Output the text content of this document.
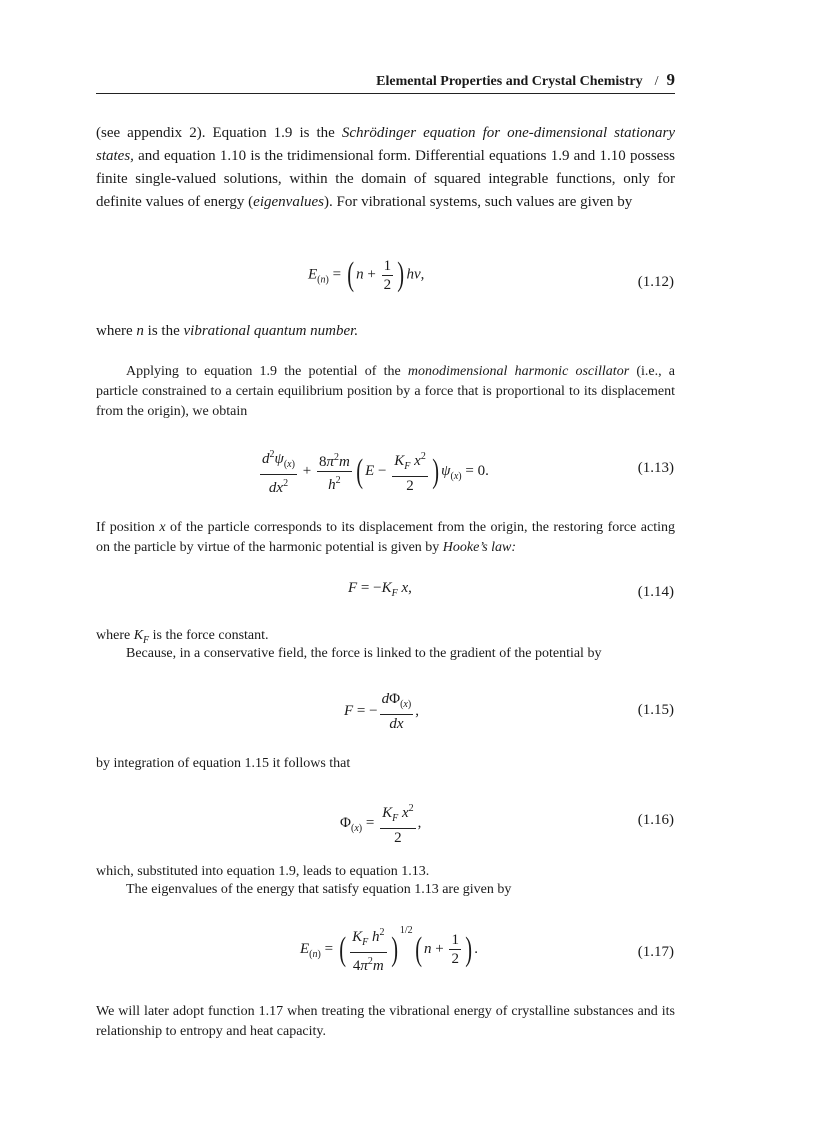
Elemental Properties and Crystal Chemistry / 9

(see appendix 2). Equation 1.9 is the Schrödinger equation for one-dimensional stationary states, and equation 1.10 is the tridimensional form. Differential equations 1.9 and 1.10 possess finite single-valued solutions, within the domain of squared integrable functions, only for definite values of energy (eigenvalues). For vibrational systems, such values are given by

$E_{(n)}$ = ( $n + \frac{1}{2}$ ) hν,	(1.12)

where n is the vibrational quantum number.

Applying to equation 1.9 the potential of the monodimensional harmonic oscillator (i.e., a particle constrained to a certain equilibrium position by a force that is proportional to its displacement from the origin), we obtain

$\frac{d^2\psi_{(x)}}{dx^2} + \frac{8\pi^2m}{h^2}$ ( $E - \frac{K_F x^2}{2}$ ) $\psi_{(x)} = 0$.	(1.13)

If position x of the particle corresponds to its displacement from the origin, the restoring force acting on the particle by virtue of the harmonic potential is given by Hooke’s law:

$F = -K_F$ x,	(1.14)

where $K_F$ is the force constant.

Because, in a conservative field, the force is linked to the gradient of the potential by

F = − $\frac{d\Phi_{(x)}}{dx}$ ,	(1.15)

by integration of equation 1.15 it follows that

$\Phi_{(x)} = \frac{K_F x^2}{2}$ ,	(1.16)

which, substituted into equation 1.9, leads to equation 1.13.

The eigenvalues of the energy that satisfy equation 1.13 are given by

$E_{(n)}$ = ( $\frac{K_F h^2}{4\pi^2m} )^{1/2}$( $n + \frac{1}{2}$ ) .	(1.17)

We will later adopt function 1.17 when treating the vibrational energy of crystalline substances and its relationship to entropy and heat capacity.
